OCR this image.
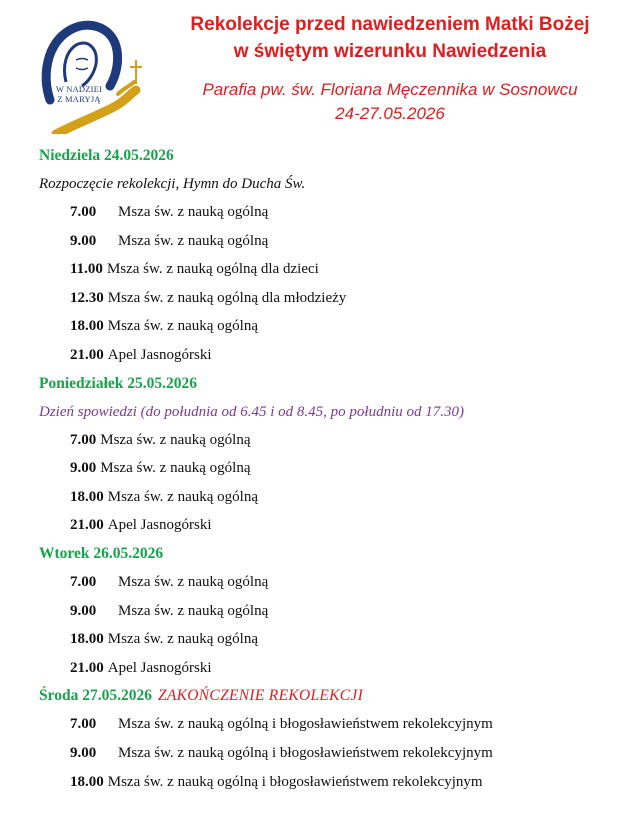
W NADZIEI
Z MARYJĄ
Rekolekcje przed nawiedzeniem Matki Bożej
w świętym wizerunku Nawiedzenia
Parafia pw. św. Floriana Męczennika w Sosnowcu
24-27.05.2026
Niedziela 24.05.2026
Rozpoczęcie rekolekcji, Hymn do Ducha Św.
7.00 Msza św. z nauką ogólną
9.00 Msza św. z nauką ogólną
11.00 Msza św. z nauką ogólną dla dzieci
12.30 Msza św. z nauką ogólną dla młodzieży
18.00 Msza św. z nauką ogólną
21.00 Apel Jasnogórski
Poniedziałek 25.05.2026
Dzień spowiedzi (do południa od 6.45 i od 8.45, po południu od 17.30)
7.00 Msza św. z nauką ogólną
9.00 Msza św. z nauką ogólną
18.00 Msza św. z nauką ogólną
21.00 Apel Jasnogórski
Wtorek 26.05.2026
7.00 Msza św. z nauką ogólną
9.00 Msza św. z nauką ogólną
18.00 Msza św. z nauką ogólną
21.00 Apel Jasnogórski
Środa 27.05.2026 ZAKOŃCZENIE REKOLEKCJI
7.00 Msza św. z nauką ogólną i błogosławieństwem rekolekcyjnym
9.00 Msza św. z nauką ogólną i błogosławieństwem rekolekcyjnym
18.00 Msza św. z nauką ogólną i błogosławieństwem rekolekcyjnym
